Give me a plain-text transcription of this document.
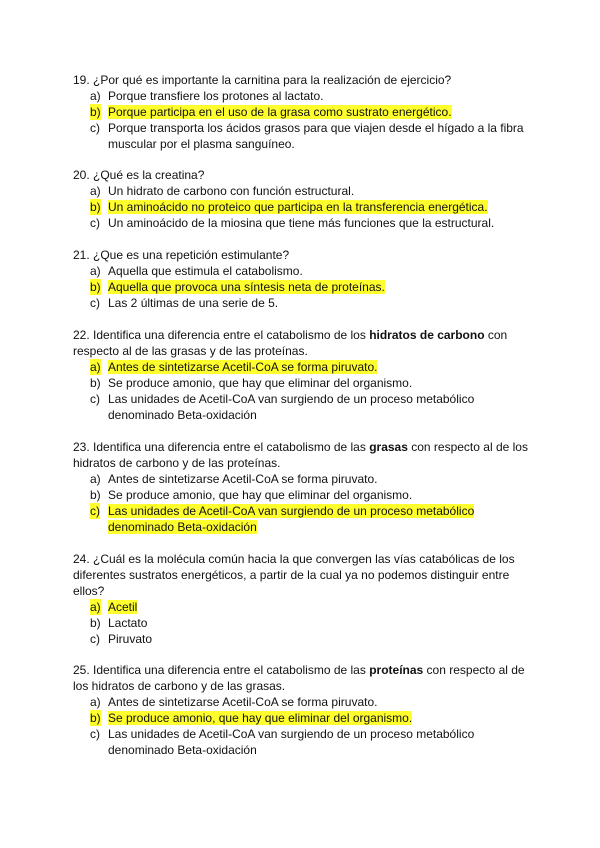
19. ¿Por qué es importante la carnitina para la realización de ejercicio?

a) Porque transfiere los protones al lactato.
b) Porque participa en el uso de la grasa como sustrato energético.
c) Porque transporta los ácidos grasos para que viajen desde el hígado a la fibra muscular por el plasma sanguíneo.

20. ¿Qué es la creatina?

a) Un hidrato de carbono con función estructural.
b) Un aminoácido no proteico que participa en la transferencia energética.
c) Un aminoácido de la miosina que tiene más funciones que la estructural.

21. ¿Que es una repetición estimulante?

a) Aquella que estimula el catabolismo.
b) Aquella que provoca una síntesis neta de proteínas.
c) Las 2 últimas de una serie de 5.

22. Identifica una diferencia entre el catabolismo de los hidratos de carbono con respecto al de las grasas y de las proteínas.

a) Antes de sintetizarse Acetil-CoA se forma piruvato.
b) Se produce amonio, que hay que eliminar del organismo.
c) Las unidades de Acetil-CoA van surgiendo de un proceso metabólico denominado Beta-oxidación

23. Identifica una diferencia entre el catabolismo de las grasas con respecto al de los hidratos de carbono y de las proteínas.

a) Antes de sintetizarse Acetil-CoA se forma piruvato.
b) Se produce amonio, que hay que eliminar del organismo.
c) Las unidades de Acetil-CoA van surgiendo de un proceso metabólico denominado Beta-oxidación

24. ¿Cuál es la molécula común hacia la que convergen las vías catabólicas de los diferentes sustratos energéticos, a partir de la cual ya no podemos distinguir entre ellos?

a) Acetil
b) Lactato
c) Piruvato

25. Identifica una diferencia entre el catabolismo de las proteínas con respecto al de los hidratos de carbono y de las grasas.

a) Antes de sintetizarse Acetil-CoA se forma piruvato.
b) Se produce amonio, que hay que eliminar del organismo.
c) Las unidades de Acetil-CoA van surgiendo de un proceso metabólico denominado Beta-oxidación
